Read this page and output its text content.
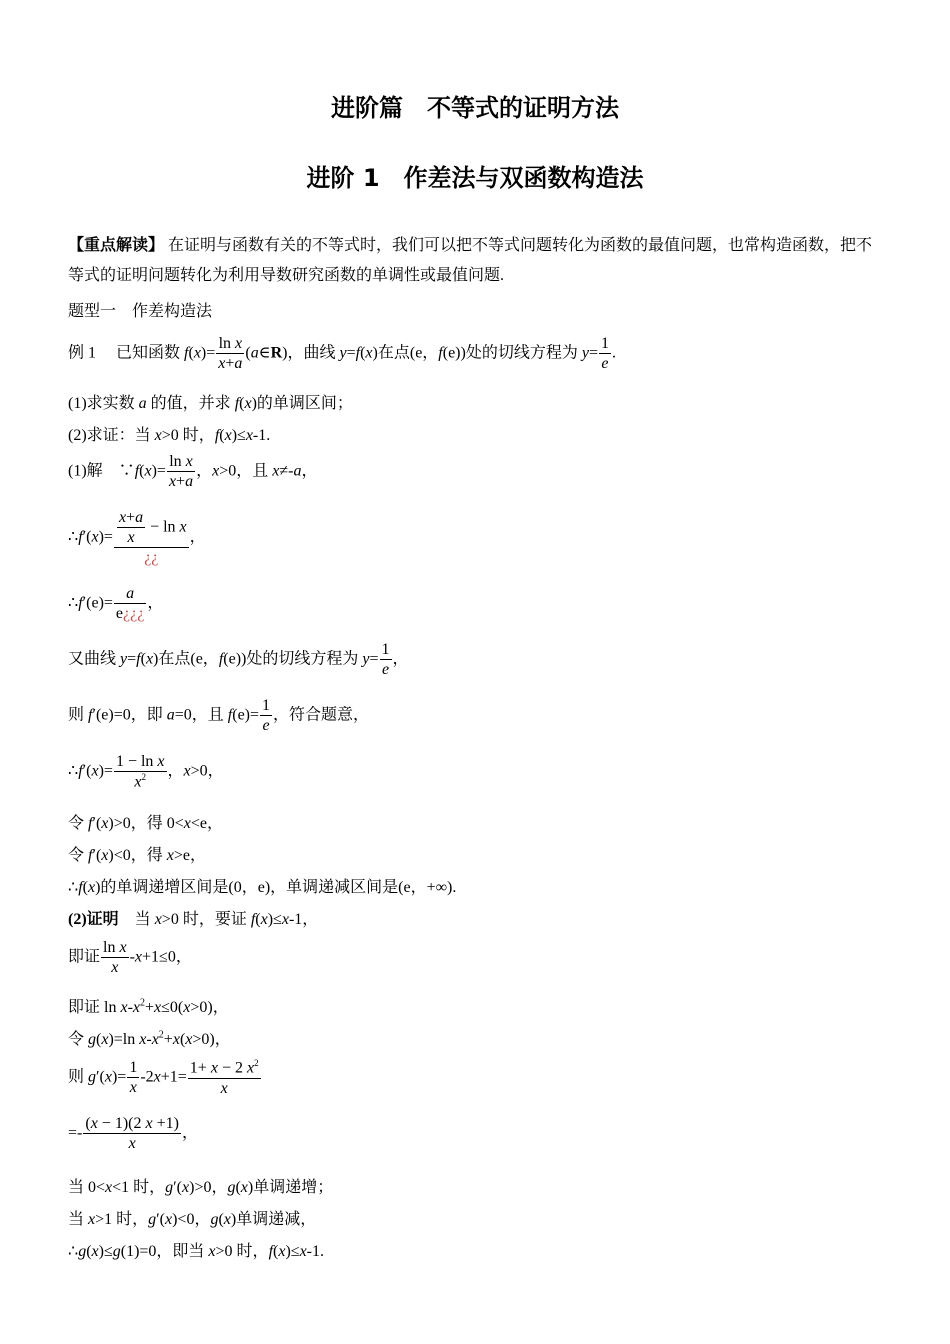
进阶篇　不等式的证明方法
进阶 1　作差法与双函数构造法
【重点解读】 在证明与函数有关的不等式时，我们可以把不等式问题转化为函数的最值问题，也常构造函数，把不等式的证明问题转化为利用导数研究函数的单调性或最值问题.
题型一　作差构造法
例 1　 已知函数 $f(x)= \frac{\text{ln x}}{x+a}$ (a∈R)，曲线 y=f(x)在点(e，f(e))处的切线方程为 $y= \frac{1}{e}$ .
(1)求实数 a 的值，并求 f(x)的单调区间；
(2)求证：当 x>0 时，f(x)≤x-1.
(1)解　∵f(x)= $\frac{\text{ln x}}{x+a}$ ，x>0，且 x≠-a，
∴f′(x)= $\frac{\frac{x+a}{x} - \ln x}{¿¿}$ ，
∴f′(e)= $\frac{a}{e¿¿¿}$ ，
又曲线 y=f(x)在点(e，f(e))处的切线方程为 $y= \frac{1}{e}$ ，
则 f′(e)=0，即 a=0，且 $f(e)= \frac{1}{e}$ ，符合题意，
∴f′(x)= $\frac{\text{1 − ln x}}{x^2}$ ，x>0，
令 f′(x)>0，得 0<x<e，
令 f′(x)<0，得 x>e，
∴f(x)的单调递增区间是(0，e)，单调递减区间是(e，+∞).
(2)证明　当 x>0 时，要证 f(x)≤x-1，
即证 $\frac{\text{ln x}}{x} -x+1\le 0$，
即证 $\ln x-x^2+x\le 0(x>0)$，
令 g(x)=ln $x-x^2+x(x>0)$，
则 $g'(x)= \frac{1}{x} -2x+1= \frac{1+ x - 2 x^2}{x}$
=- $\frac{(x - 1)(2 x +1)}{x}$ ，
当 0<x<1 时，g′(x)>0，g(x)单调递增；
当 x>1 时，g′(x)<0，g(x)单调递减，
∴g(x)≤g(1)=0，即当 x>0 时，f(x)≤x-1.
